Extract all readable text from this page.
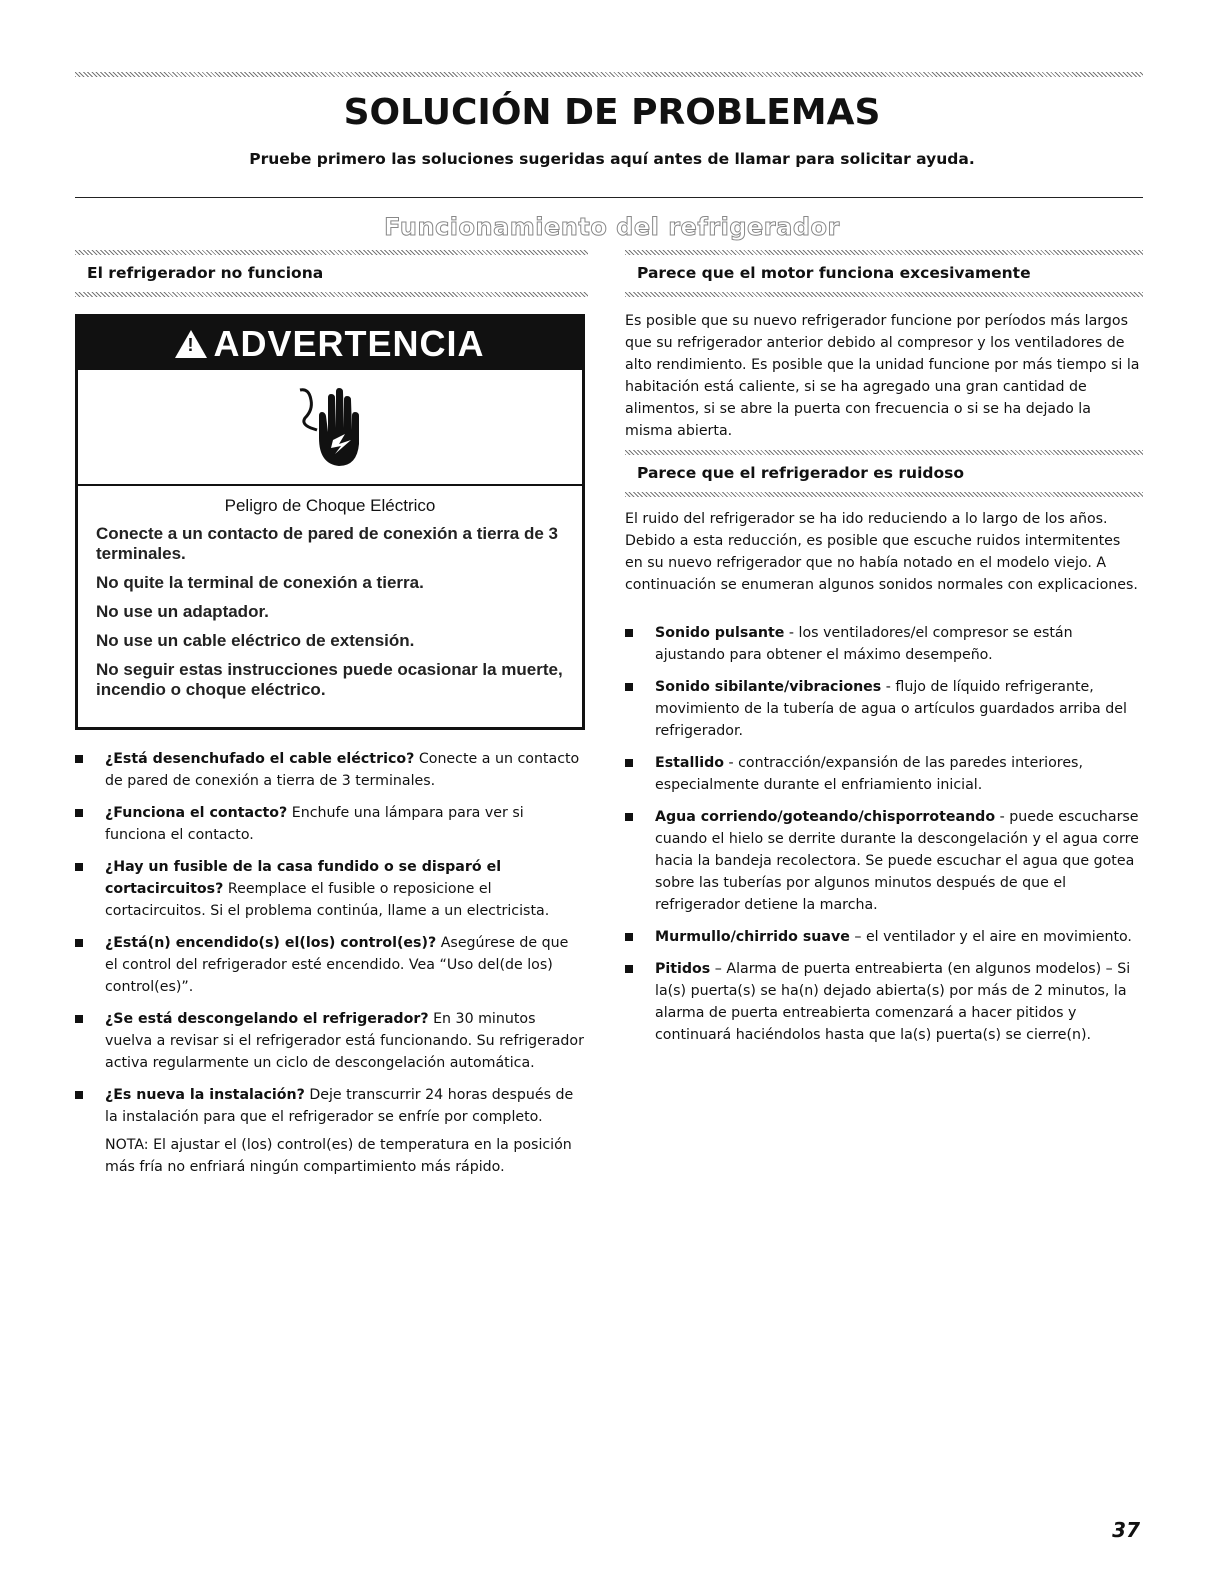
SOLUCIÓN DE PROBLEMAS

Pruebe primero las soluciones sugeridas aquí antes de llamar para solicitar ayuda.

Funcionamiento del refrigerador
El refrigerador no funciona
! ADVERTENCIA

Peligro de Choque Eléctrico

Conecte a un contacto de pared de conexión a tierra de 3 terminales.

No quite la terminal de conexión a tierra.

No use un adaptador.

No use un cable eléctrico de extensión.

No seguir estas instrucciones puede ocasionar la muerte, incendio o choque eléctrico.

¿Está desenchufado el cable eléctrico? Conecte a un contacto de pared de conexión a tierra de 3 terminales.
¿Funciona el contacto? Enchufe una lámpara para ver si funciona el contacto.
¿Hay un fusible de la casa fundido o se disparó el cortacircuitos? Reemplace el fusible o reposicione el cortacircuitos. Si el problema continúa, llame a un electricista.
¿Está(n) encendido(s) el(los) control(es)? Asegúrese de que el control del refrigerador esté encendido. Vea “Uso del(de los) control(es)”.
¿Se está descongelando el refrigerador? En 30 minutos vuelva a revisar si el refrigerador está funcionando. Su refrigerador activa regularmente un ciclo de descongelación automática.
¿Es nueva la instalación? Deje transcurrir 24 horas después de la instalación para que el refrigerador se enfríe por completo.

NOTA: El ajustar el (los) control(es) de temperatura en la posición más fría no enfriará ningún compartimiento más rápido.

Parece que el motor funciona excesivamente

Es posible que su nuevo refrigerador funcione por períodos más largos que su refrigerador anterior debido al compresor y los ventiladores de alto rendimiento. Es posible que la unidad funcione por más tiempo si la habitación está caliente, si se ha agregado una gran cantidad de alimentos, si se abre la puerta con frecuencia o si se ha dejado la misma abierta.

Parece que el refrigerador es ruidoso

El ruido del refrigerador se ha ido reduciendo a lo largo de los años. Debido a esta reducción, es posible que escuche ruidos intermitentes en su nuevo refrigerador que no había notado en el modelo viejo. A continuación se enumeran algunos sonidos normales con explicaciones.

Sonido pulsante - los ventiladores/el compresor se están ajustando para obtener el máximo desempeño.
Sonido sibilante/vibraciones - flujo de líquido refrigerante, movimiento de la tubería de agua o artículos guardados arriba del refrigerador.
Estallido - contracción/expansión de las paredes interiores, especialmente durante el enfriamiento inicial.
Agua corriendo/goteando/chisporroteando - puede escucharse cuando el hielo se derrite durante la descongelación y el agua corre hacia la bandeja recolectora. Se puede escuchar el agua que gotea sobre las tuberías por algunos minutos después de que el refrigerador detiene la marcha.
Murmullo/chirrido suave – el ventilador y el aire en movimiento.
Pitidos – Alarma de puerta entreabierta (en algunos modelos) – Si la(s) puerta(s) se ha(n) dejado abierta(s) por más de 2 minutos, la alarma de puerta entreabierta comenzará a hacer pitidos y continuará haciéndolos hasta que la(s) puerta(s) se cierre(n).

37
